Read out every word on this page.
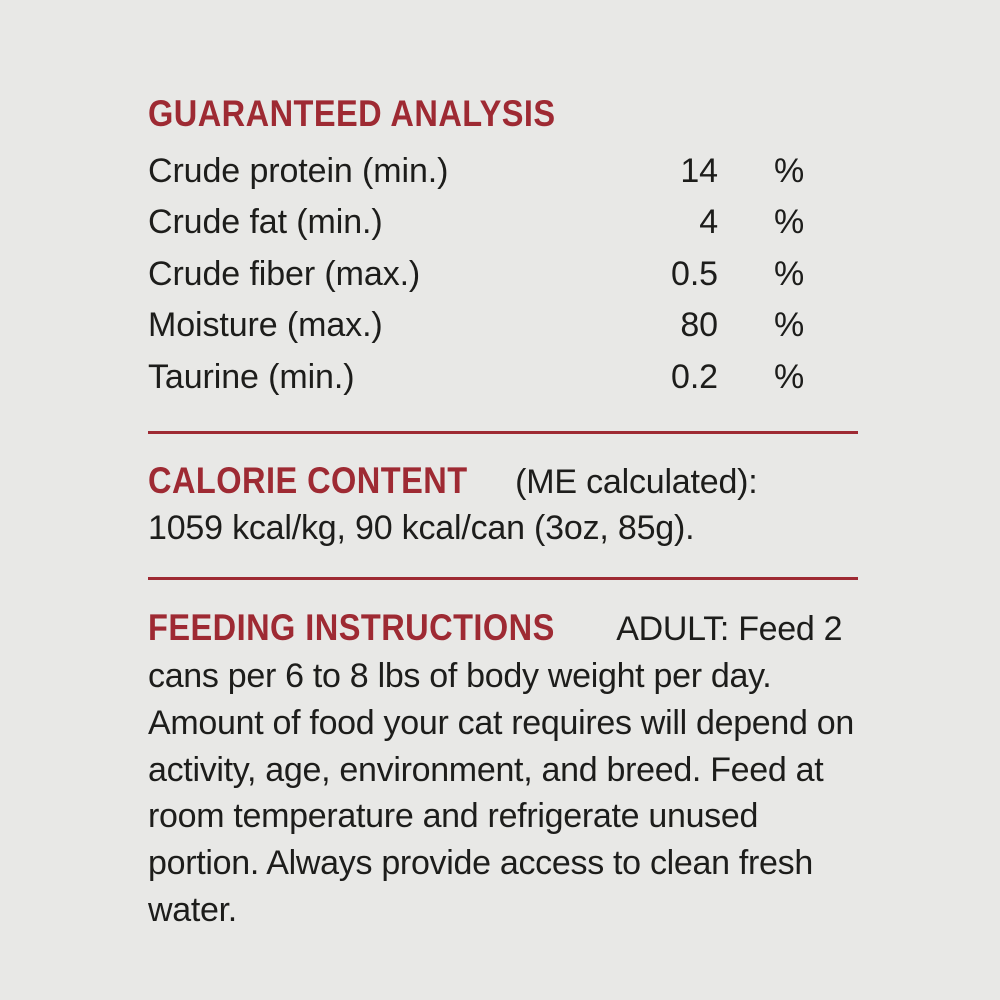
GUARANTEED ANALYSIS
Crude protein (min.)	14	%
Crude fat (min.)	4	%
Crude fiber (max.)	0.5	%
Moisture (max.)	80	%
Taurine (min.)	0.2	%
CALORIE CONTENT (ME calculated):
1059 kcal/kg, 90 kcal/can (3oz, 85g).
FEEDING INSTRUCTIONS ADULT: Feed 2 cans per 6 to 8 lbs of body weight per day. Amount of food your cat requires will depend on activity, age, environment, and breed. Feed at room temperature and refrigerate unused portion. Always provide access to clean fresh water.
